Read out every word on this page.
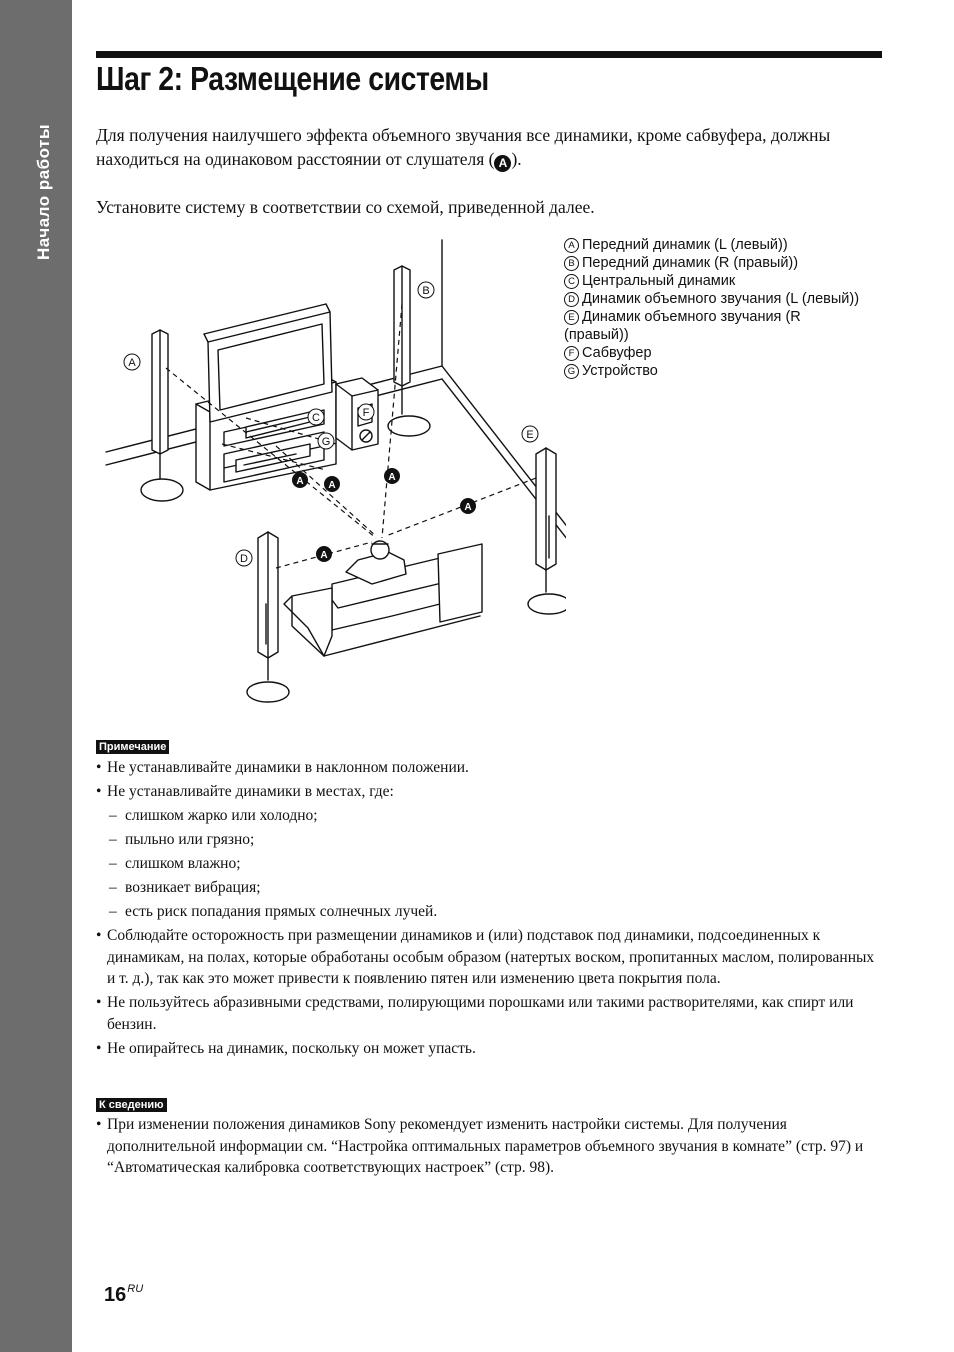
Начало работы
Шаг 2: Размещение системы

Для получения наилучшего эффекта объемного звучания все динамики, кроме сабвуфера, должны находиться на одинаковом расстоянии от слушателя ( A ).

Установите систему в соответствии со схемой, приведенной далее.

A
B
C
G
F
E
D
A A
A
A
A
A Передний динамик (L (левый))
B Передний динамик (R (правый))
C Центральный динамик
D Динамик объемного звучания (L (левый))
E Динамик объемного звучания (R (правый))
F Сабвуфер
G Устройство
Примечание
• Не устанавливайте динамики в наклонном положении.
• Не устанавливайте динамики в местах, где:
– слишком жарко или холодно;
– пыльно или грязно;
– слишком влажно;
– возникает вибрация;
– есть риск попадания прямых солнечных лучей.
• Соблюдайте осторожность при размещении динамиков и (или) подставок под динамики, подсоединенных к динамикам, на полах, которые обработаны особым образом (натертых воском, пропитанных маслом, полированных и т. д.), так как это может привести к появлению пятен или изменению цвета покрытия пола.
• Не пользуйтесь абразивными средствами, полирующими порошками или такими растворителями, как спирт или бензин.
• Не опирайтесь на динамик, поскольку он может упасть.
К сведению
• При изменении положения динамиков Sony рекомендует изменить настройки системы. Для получения дополнительной информации см. “Настройка оптимальных параметров объемного звучания в комнате” (стр. 97) и “Автоматическая калибровка соответствующих настроек” (стр. 98).
$16^{RU}$
